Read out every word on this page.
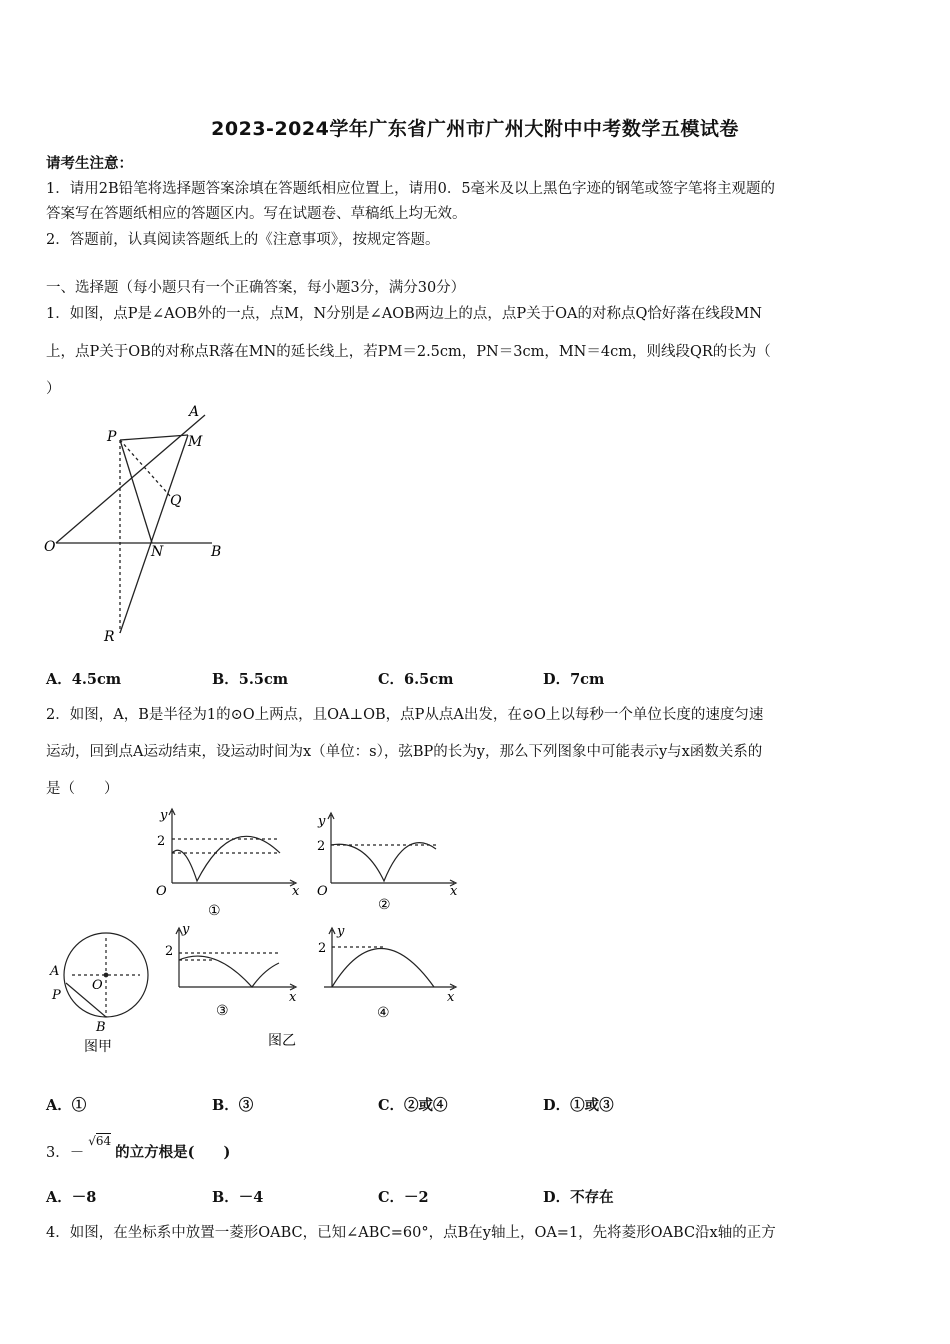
2023-2024学年广东省广州市广州大附中中考数学五模试卷
请考生注意：
1．请用2B铅笔将选择题答案涂填在答题纸相应位置上，请用0．5毫米及以上黑色字迹的钢笔或签字笔将主观题的
答案写在答题纸相应的答题区内。写在试题卷、草稿纸上均无效。
2．答题前，认真阅读答题纸上的《注意事项》，按规定答题。
一、选择题（每小题只有一个正确答案，每小题3分，满分30分）
1．如图，点P是∠AOB外的一点，点M，N分别是∠AOB两边上的点，点P关于OA的对称点Q恰好落在线段MN
上，点P关于OB的对称点R落在MN的延长线上，若PM＝2.5cm，PN＝3cm，MN＝4cm，则线段QR的长为（
）
A
M
P
Q
O	N	B
R
A．4.5cm	B．5.5cm	C．6.5cm	D．7cm
2．如图，A，B是半径为1的⊙O上两点，且OA⊥OB，点P从点A出发，在⊙O上以每秒一个单位长度的速度匀速
运动，回到点A运动结束，设运动时间为x（单位：s），弦BP的长为y，那么下列图象中可能表示y与x函数关系的
是（　　）
y
2
O	x
①
y
2
O	x
②
A
P
O
B
图甲
y
2
x
③
图乙
y
2
x
④
A．①	B．③	C．②或④	D．①或③
3．－$^{√64}$的立方根是(　　)
A．－8	B．－4	C．－2	D．不存在
4．如图，在坐标系中放置一菱形OABC，已知∠ABC=60°，点B在y轴上，OA=1，先将菱形OABC沿x轴的正方
